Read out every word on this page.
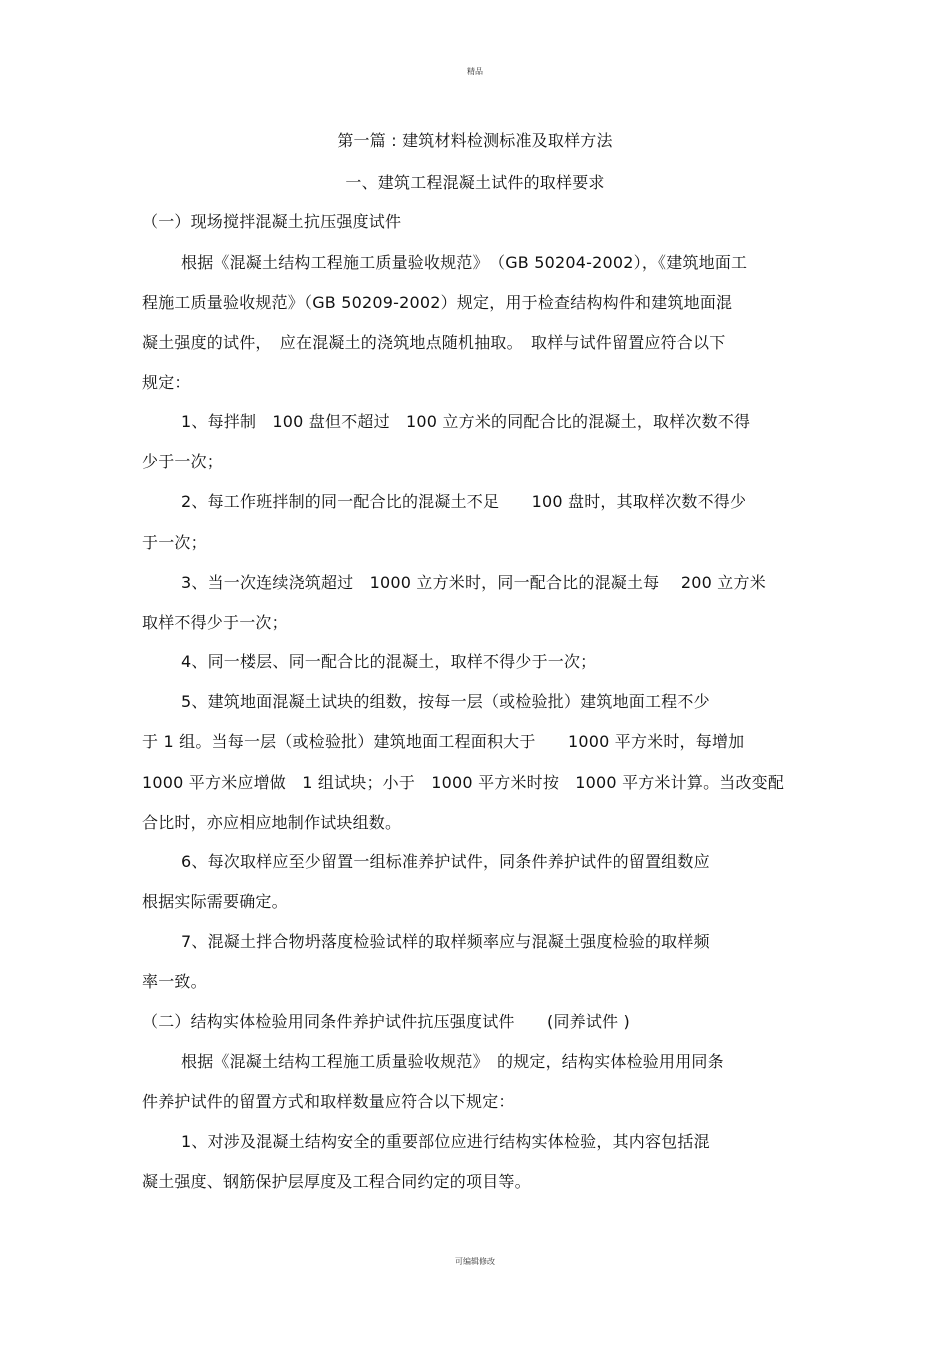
精品
第一篇 : 建筑材料检测标准及取样方法
一、建筑工程混凝土试件的取样要求
（一）现场搅拌混凝土抗压强度试件
根据《混凝土结构工程施工质量验收规范》　（GB 50204-2002），《建筑地面工
程施工质量验收规范》（GB 50209-2002）规定，用于检查结构构件和建筑地面混
凝土强度的试件，　应在混凝土的浇筑地点随机抽取。　取样与试件留置应符合以下
规定：
1、每拌制　100 盘但不超过　100 立方米的同配合比的混凝土，取样次数不得
少于一次；
2、每工作班拌制的同一配合比的混凝土不足　　100 盘时，其取样次数不得少
于一次；
3、当一次连续浇筑超过　1000 立方米时，同一配合比的混凝土每　 200 立方米
取样不得少于一次；
4、同一楼层、同一配合比的混凝土，取样不得少于一次；
5、建筑地面混凝土试块的组数，按每一层（或检验批）建筑地面工程不少
于 1 组。当每一层（或检验批）建筑地面工程面积大于　　1000 平方米时，每增加
1000 平方米应增做　1 组试块；小于　1000 平方米时按　1000 平方米计算。当改变配
合比时，亦应相应地制作试块组数。
6、每次取样应至少留置一组标准养护试件，同条件养护试件的留置组数应
根据实际需要确定。
7、混凝土拌合物坍落度检验试样的取样频率应与混凝土强度检验的取样频
率一致。
（二）结构实体检验用同条件养护试件抗压强度试件　　(同养试件 )
根据《混凝土结构工程施工质量验收规范》　的规定，结构实体检验用用同条
件养护试件的留置方式和取样数量应符合以下规定：
1、对涉及混凝土结构安全的重要部位应进行结构实体检验，其内容包括混
凝土强度、钢筋保护层厚度及工程合同约定的项目等。
可编辑修改
